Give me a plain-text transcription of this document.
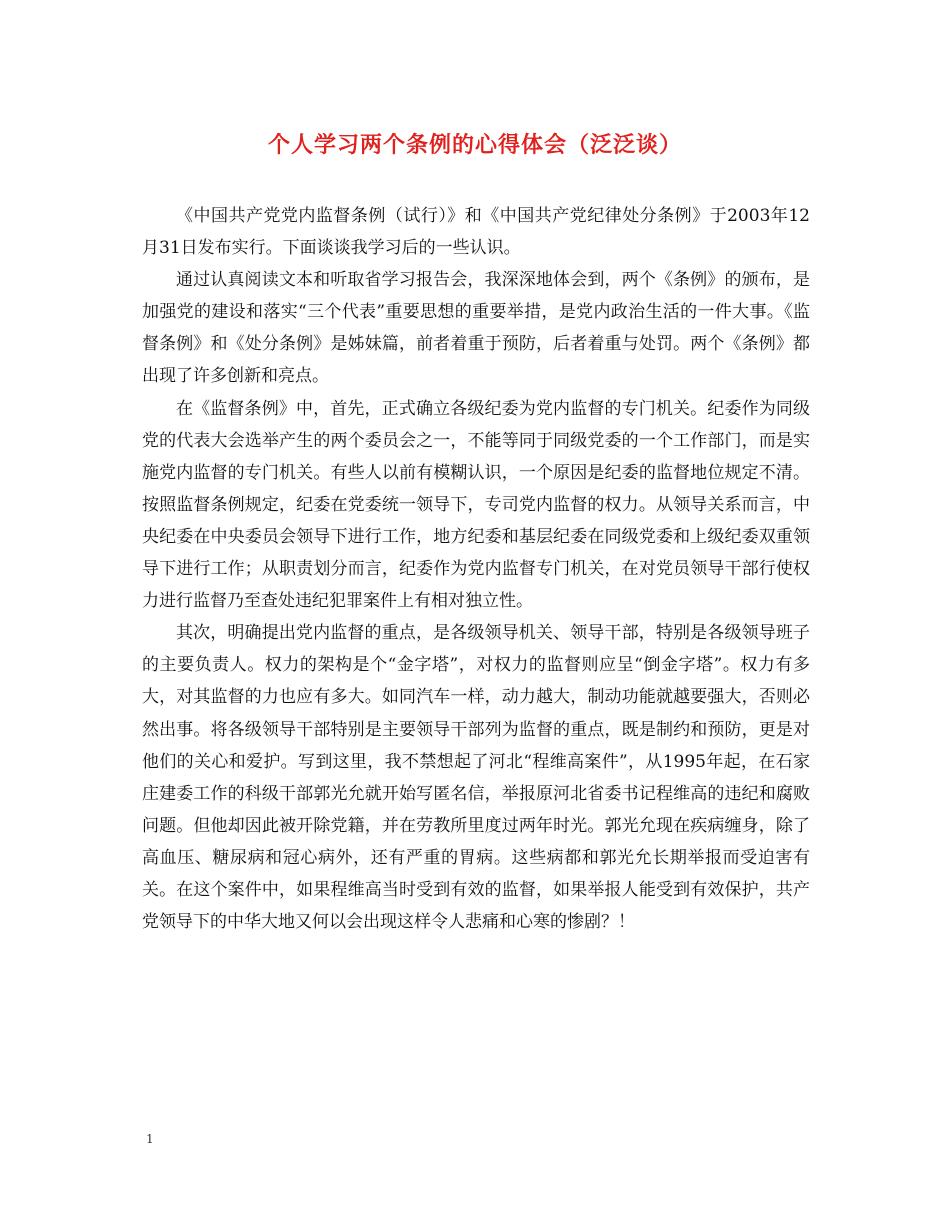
个人学习两个条例的心得体会（泛泛谈）

《中国共产党党内监督条例（试行）》和《中国共产党纪律处分条例》于2003年12月31日发布实行。下面谈谈我学习后的一些认识。

通过认真阅读文本和听取省学习报告会，我深深地体会到，两个《条例》的颁布，是加强党的建设和落实“三个代表”重要思想的重要举措，是党内政治生活的一件大事。《监督条例》和《处分条例》是姊妹篇，前者着重于预防，后者着重与处罚。两个《条例》都出现了许多创新和亮点。

在《监督条例》中，首先，正式确立各级纪委为党内监督的专门机关。纪委作为同级党的代表大会选举产生的两个委员会之一，不能等同于同级党委的一个工作部门，而是实施党内监督的专门机关。有些人以前有模糊认识，一个原因是纪委的监督地位规定不清。按照监督条例规定，纪委在党委统一领导下，专司党内监督的权力。从领导关系而言，中央纪委在中央委员会领导下进行工作，地方纪委和基层纪委在同级党委和上级纪委双重领导下进行工作；从职责划分而言，纪委作为党内监督专门机关，在对党员领导干部行使权力进行监督乃至查处违纪犯罪案件上有相对独立性。

其次，明确提出党内监督的重点，是各级领导机关、领导干部，特别是各级领导班子的主要负责人。权力的架构是个“金字塔”，对权力的监督则应呈“倒金字塔”。权力有多大，对其监督的力也应有多大。如同汽车一样，动力越大，制动功能就越要强大，否则必然出事。将各级领导干部特别是主要领导干部列为监督的重点，既是制约和预防，更是对他们的关心和爱护。写到这里，我不禁想起了河北“程维高案件”，从1995年起，在石家庄建委工作的科级干部郭光允就开始写匿名信，举报原河北省委书记程维高的违纪和腐败问题。但他却因此被开除党籍，并在劳教所里度过两年时光。郭光允现在疾病缠身，除了高血压、糖尿病和冠心病外，还有严重的胃病。这些病都和郭光允长期举报而受迫害有关。在这个案件中，如果程维高当时受到有效的监督，如果举报人能受到有效保护，共产党领导下的中华大地又何以会出现这样令人悲痛和心寒的惨剧？！

1
